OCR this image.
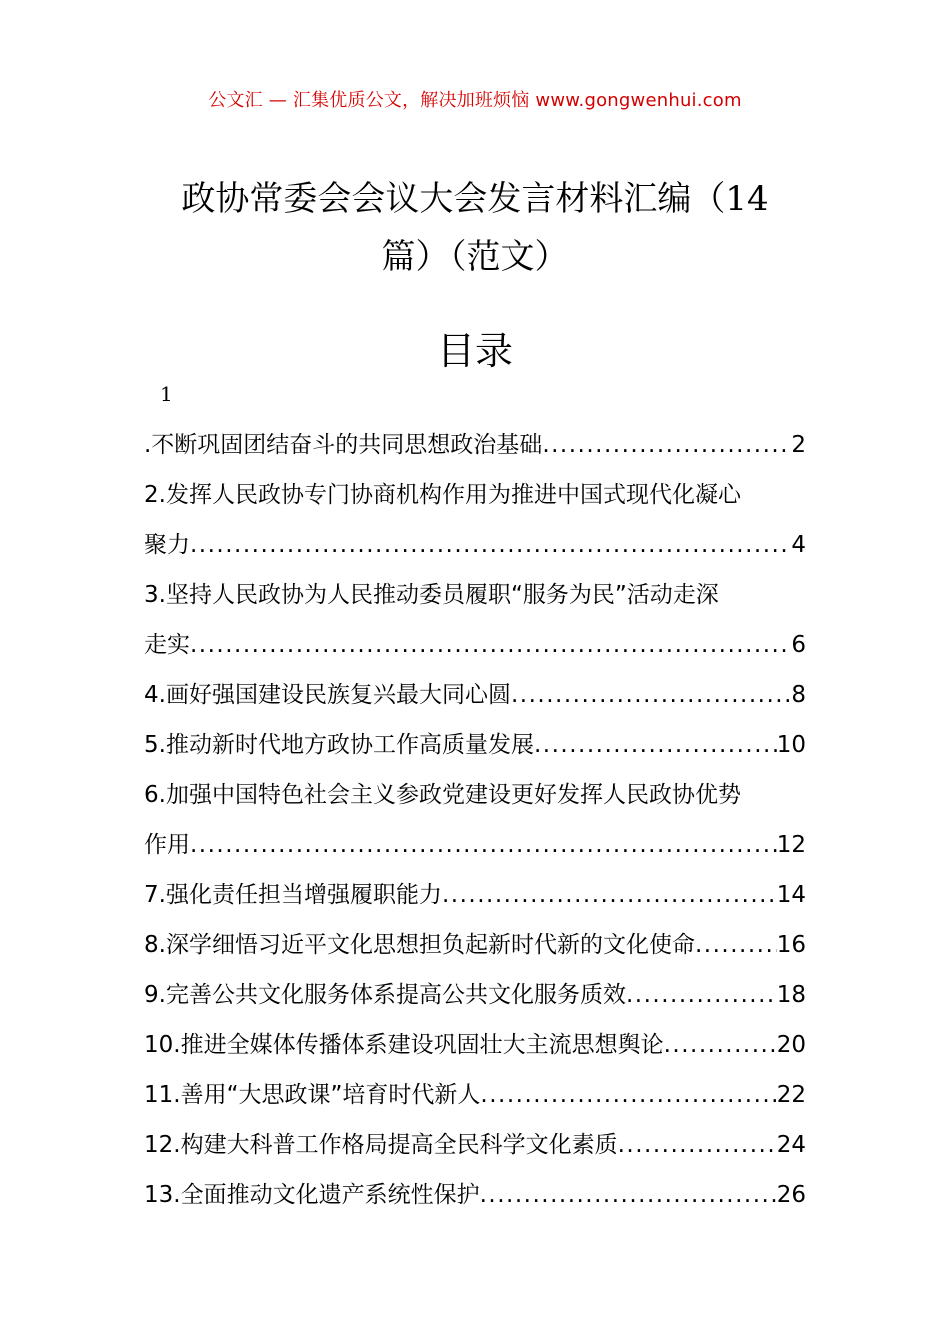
公文汇 — 汇集优质公文，解决加班烦恼 www.gongwenhui.com
政协常委会会议大会发言材料汇编（14
篇）（范文）
目录
1
.不断巩固团结奋斗的共同思想政治基础 .....	2
2.发挥人民政协专门协商机构作用为推进中国式现代化凝心
聚力 .....	4
3.坚持人民政协为人民推动委员履职“服务为民”活动走深
走实 .....	6
4.画好强国建设民族复兴最大同心圆 .....	8
5.推动新时代地方政协工作高质量发展 .....	10
6.加强中国特色社会主义参政党建设更好发挥人民政协优势
作用 .....	12
7.强化责任担当增强履职能力 .....	14
8.深学细悟习近平文化思想担负起新时代新的文化使命 .....	16
9.完善公共文化服务体系提高公共文化服务质效 .....	18
10.推进全媒体传播体系建设巩固壮大主流思想舆论 .....	20
11.善用“大思政课”培育时代新人 .....	22
12.构建大科普工作格局提高全民科学文化素质 .....	24
13.全面推动文化遗产系统性保护 .....	26
